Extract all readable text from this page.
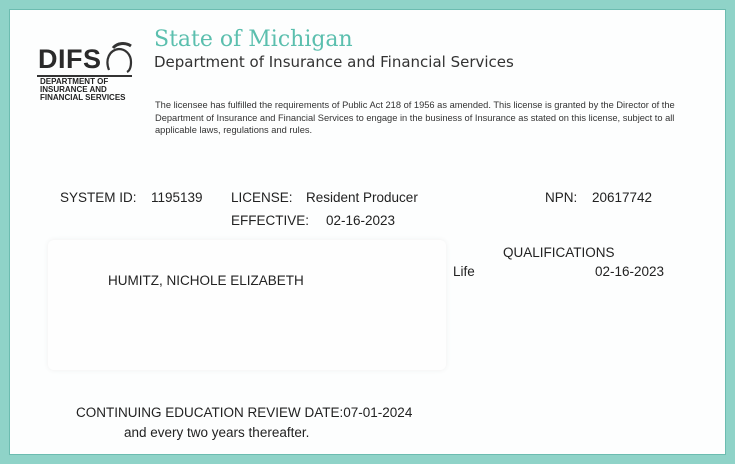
DIFS
DEPARTMENT OF
INSURANCE AND
FINANCIAL SERVICES
State of Michigan
Department of Insurance and Financial Services
The licensee has fulfilled the requirements of Public Act 218 of 1956 as amended. This license is granted by the Director of the Department of Insurance and Financial Services to engage in the business of Insurance as stated on this license, subject to all applicable laws, regulations and rules.
SYSTEM ID: 1195139 LICENSE: Resident Producer	NPN: 20617742
EFFECTIVE: 02-16-2023
QUALIFICATIONS
Life	02-16-2023
HUMITZ, NICHOLE ELIZABETH
CONTINUING EDUCATION REVIEW DATE:07-01-2024
and every two years thereafter.
